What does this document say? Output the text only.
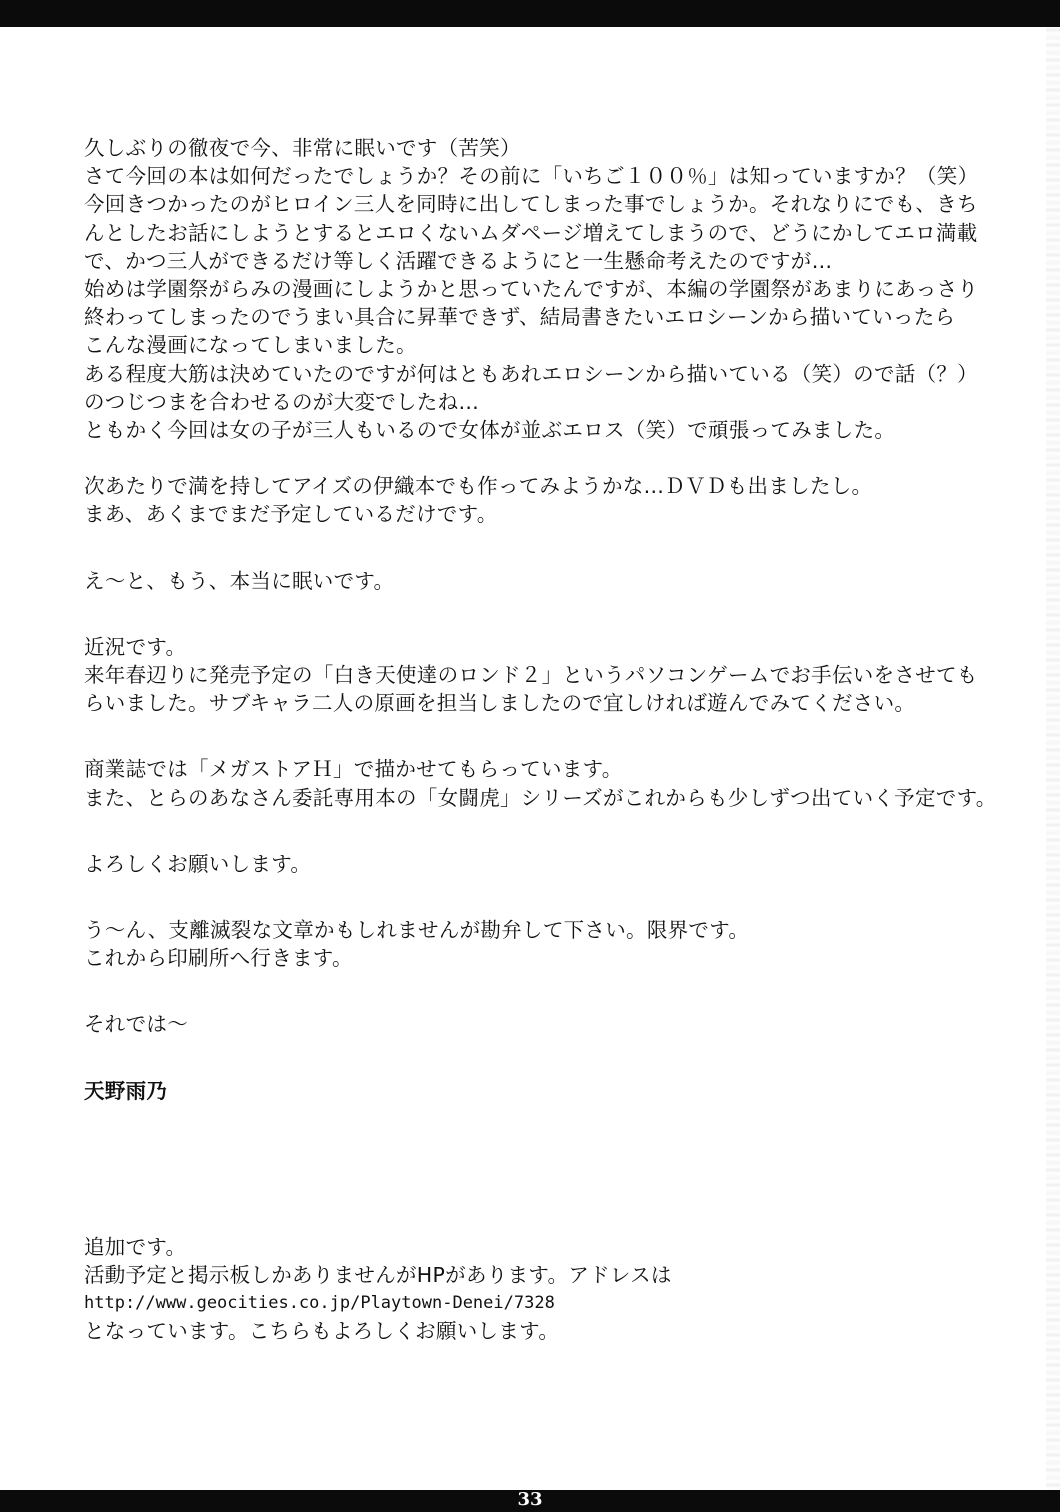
久しぶりの徹夜で今、非常に眠いです（苦笑）
さて今回の本は如何だったでしょうか？その前に「いちご１００％」は知っていますか？（笑）
今回きつかったのがヒロイン三人を同時に出してしまった事でしょうか。それなりにでも、きち
んとしたお話にしようとするとエロくないムダページ増えてしまうので、どうにかしてエロ満載
で、かつ三人ができるだけ等しく活躍できるようにと一生懸命考えたのですが…
始めは学園祭がらみの漫画にしようかと思っていたんですが、本編の学園祭があまりにあっさり
終わってしまったのでうまい具合に昇華できず、結局書きたいエロシーンから描いていったら
こんな漫画になってしまいました。
ある程度大筋は決めていたのですが何はともあれエロシーンから描いている（笑）ので話（？）
のつじつまを合わせるのが大変でしたね…
ともかく今回は女の子が三人もいるので女体が並ぶエロス（笑）で頑張ってみました。
次あたりで満を持してアイズの伊織本でも作ってみようかな…ＤＶＤも出ましたし。
まあ、あくまでまだ予定しているだけです。
え〜と、もう、本当に眠いです。
近況です。
来年春辺りに発売予定の「白き天使達のロンド２」というパソコンゲームでお手伝いをさせても
らいました。サブキャラ二人の原画を担当しましたので宜しければ遊んでみてください。
商業誌では「メガストアＨ」で描かせてもらっています。
また、とらのあなさん委託専用本の「女闘虎」シリーズがこれからも少しずつ出ていく予定です。
よろしくお願いします。
う〜ん、支離滅裂な文章かもしれませんが勘弁して下さい。限界です。
これから印刷所へ行きます。
それでは〜
天野雨乃
追加です。
活動予定と掲示板しかありませんがHPがあります。アドレスは
http://www.geocities.co.jp/Playtown-Denei/7328
となっています。こちらもよろしくお願いします。
33
